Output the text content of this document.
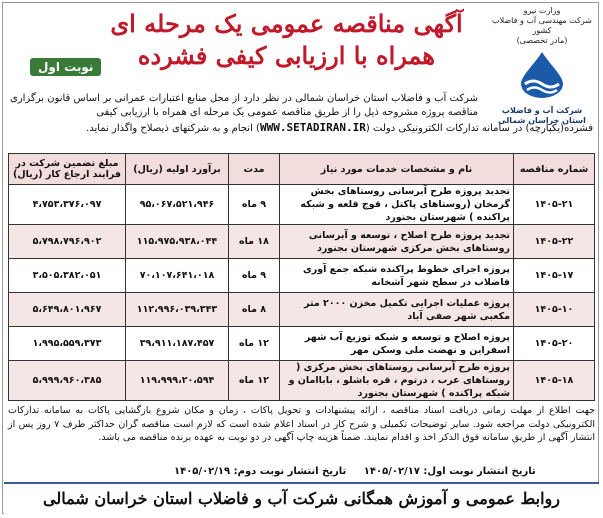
وزارت نیرو
شرکت مهندسی آب و فاضلاب کشور
(مادر تخصصی)
شرکت آب و فاضلاب
استان خراسان شمالی
آگهی مناقصه عمومی یک مرحله ای
همراه با ارزیابی کیفی فشرده
نوبت اول
شرکت آب و فاضلاب استان خراسان شمالی در نظر دارد از محل منابع اعتبارات عمرانی بر اساس قانون برگزاری مناقصه پروژه مشروحه ذیل را از طریق مناقصه عمومی یک مرحله ای همراه با ارزیابی کیفی
فشرده(یکپارچه) در سامانه تدارکات الکترونیکی دولت (WWW.SETADIRAN.IR) انجام و به شرکتهای ذیصلاح واگذار نماید.
شماره مناقصه	نام و مشخصات خدمات مورد نیاز	مدت	برآورد اولیه (ریال)	مبلغ تضمین شرکت در فرایند ارجاع کار (ریال)
۱۴۰۵-۲۱	تجدید پروژه طرح آبرسانی روستاهای بخش گرمخان (روستاهای پاکتل ، قوچ قلعه و شبکه پراکنده ) شهرستان بجنورد	۹ ماه	۹۵،۰۶۷،۵۲۱،۹۴۶	۴،۷۵۳،۳۷۶،۰۹۷
۱۴۰۵-۲۲	تجدید پروژه طرح اصلاح ، توسعه و آبرسانی روستاهای بخش مرکزی شهرستان بجنورد	۱۸ ماه	۱۱۵،۹۷۵،۹۳۸،۰۴۴	۵،۷۹۸،۷۹۶،۹۰۲
۱۴۰۵-۱۷	پروژه اجرای خطوط پراکنده شبکه جمع آوری فاضلاب در سطح شهر آشخانه	۹ ماه	۷۰،۱۰۷،۶۴۱،۰۱۸	۳،۵۰۵،۳۸۲،۰۵۱
۱۴۰۵-۱۰	پروژه عملیات اجرایی تکمیل مخزن ۲۰۰۰ متر مکعبی شهر صفی آباد	۸ ماه	۱۱۲،۹۹۶،۰۳۹،۳۴۳	۵،۶۴۹،۸۰۱،۹۶۷
۱۴۰۵-۲۰	پروژه اصلاح و توسعه و شبکه توزیع آب شهر اسفراین و نهضت ملی وسکن مهر	۱۲ ماه	۳۹،۹۱۱،۱۸۷،۴۵۷	۱،۹۹۵،۵۵۹،۳۷۳
۱۴۰۵-۱۸	پروژه طرح آبرسانی روستاهای بخش مرکزی ( روستاهای عرب ، درتوم ، قره باشلو ، باباامان و شبکه پراکنده ) شهرستان بجنورد	۱۲ ماه	۱۱۹،۹۹۹،۲۰،۵۹۴	۵،۹۹۹،۹۶۰،۳۸۵
جهت اطلاع از مهلت زمانی دریافت اسناد مناقصه ، ارائه پیشنهادات و تحویل پاکات ، زمان و مکان شروع بازگشایی پاکات به سامانه تدارکات الکترونیکی دولت مراجعه شود. سایر توضیحات تکمیلی و شرح کار در اسناد اعلام شده است که لازم است مناقصه گران حداکثر ظرف ۷ روز پس از انتشار آگهی از طریق سامانه فوق الذکر اخذ و اقدام نمایند. ضمناً هزینه چاپ آگهی در دو نوبت به عهده برنده مناقصه می باشد.
تاریخ انتشار نوبت اول: ۱۴۰۵/۰۲/۱۷ تاریخ انتشار نوبت دوم: ۱۴۰۵/۰۲/۱۹
روابط عمومی و آموزش همگانی شرکت آب و فاضلاب استان خراسان شمالی
